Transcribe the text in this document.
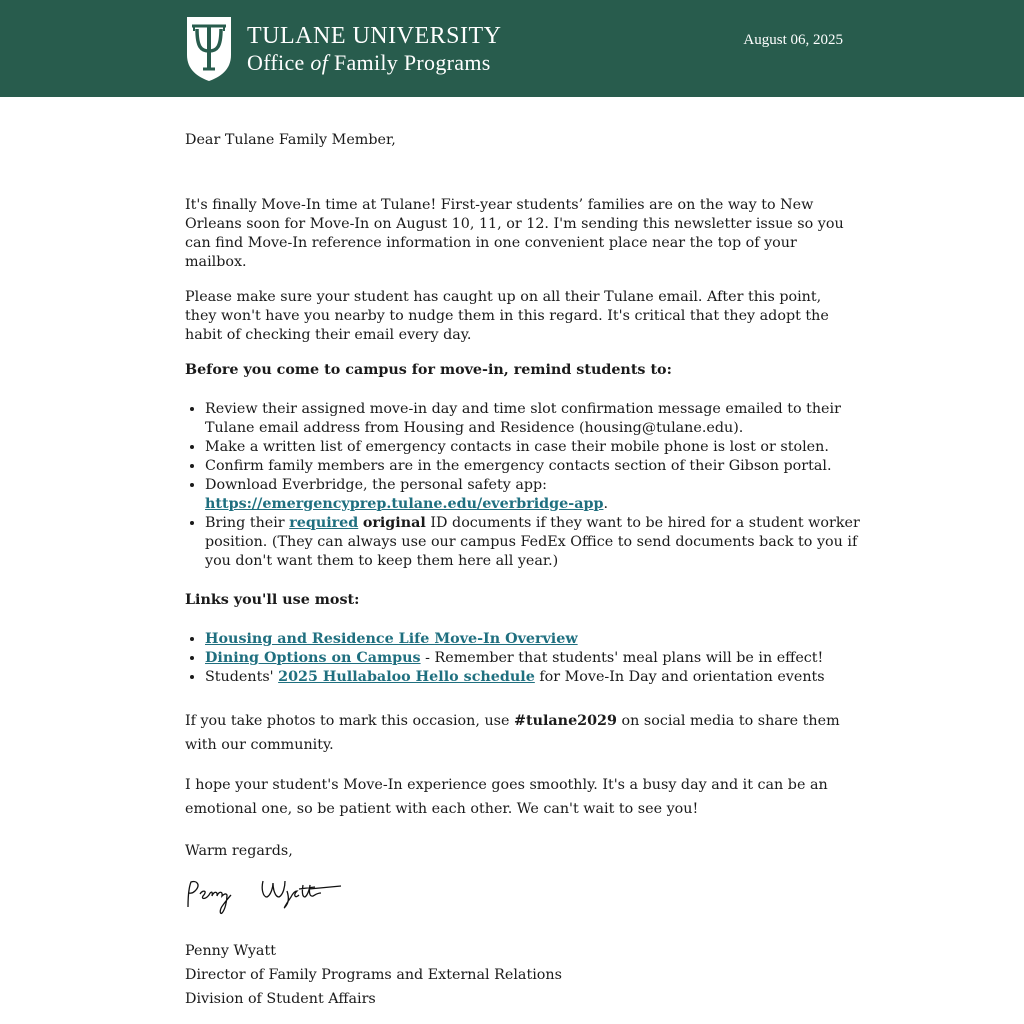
TULANE UNIVERSITY
Office of Family Programs
August 06, 2025

Dear Tulane Family Member,

It's finally Move-In time at Tulane! First-year students’ families are on the way to New Orleans soon for Move-In on August 10, 11, or 12. I'm sending this newsletter issue so you can find Move-In reference information in one convenient place near the top of your mailbox.

Please make sure your student has caught up on all their Tulane email. After this point, they won't have you nearby to nudge them in this regard. It's critical that they adopt the habit of checking their email every day.

Before you come to campus for move-in, remind students to:

• Review their assigned move-in day and time slot confirmation message emailed to their Tulane email address from Housing and Residence (housing@tulane.edu).
• Make a written list of emergency contacts in case their mobile phone is lost or stolen.
• Confirm family members are in the emergency contacts section of their Gibson portal.
• Download Everbridge, the personal safety app:
https://emergencyprep.tulane.edu/everbridge-app.
• Bring their required original ID documents if they want to be hired for a student worker position. (They can always use our campus FedEx Office to send documents back to you if you don't want them to keep them here all year.)

Links you'll use most:

• Housing and Residence Life Move-In Overview
• Dining Options on Campus - Remember that students' meal plans will be in effect!
• Students' 2025 Hullabaloo Hello schedule for Move-In Day and orientation events

If you take photos to mark this occasion, use #tulane2029 on social media to share them with our community.

I hope your student's Move-In experience goes smoothly. It's a busy day and it can be an emotional one, so be patient with each other. We can't wait to see you!

Warm regards,

Penny Wyatt
Director of Family Programs and External Relations
Division of Student Affairs
